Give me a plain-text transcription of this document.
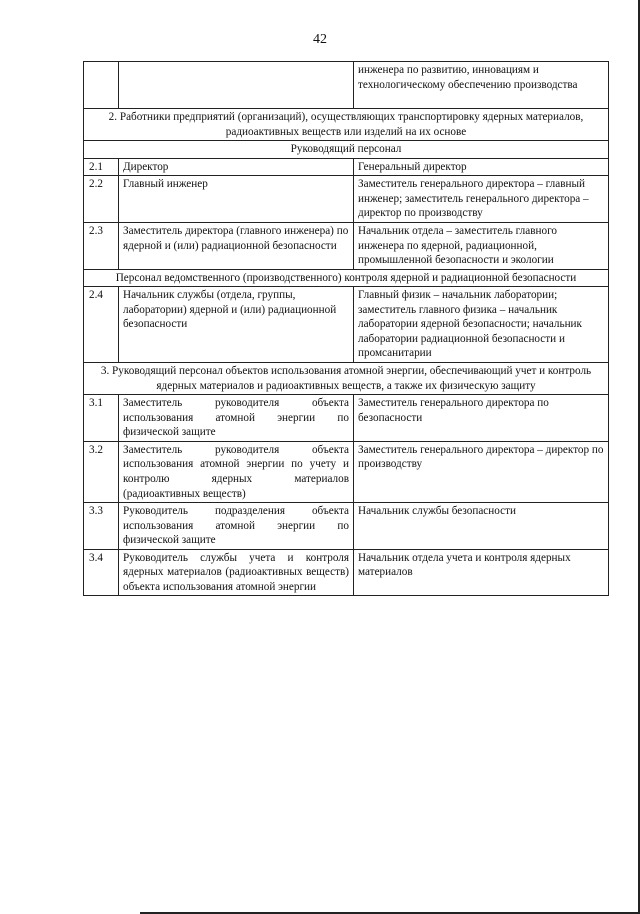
42
		инженера по развитию, инновациям и технологическому обеспечению производства
2. Работники предприятий (организаций), осуществляющих транспортировку ядерных материалов, радиоактивных веществ или изделий на их основе		
Руководящий персонал		
2.1	Директор	Генеральный директор
2.2	Главный инженер	Заместитель генерального директора – главный инженер; заместитель генерального директора – директор по производству
2.3	Заместитель директора (главного инженера) по ядерной и (или) радиационной безопасности	Начальник отдела – заместитель главного инженера по ядерной, радиационной, промышленной безопасности и экологии
Персонал ведомственного (производственного) контроля ядерной и радиационной безопасности		
2.4	Начальник службы (отдела, группы, лаборатории) ядерной и (или) радиационной безопасности	Главный физик – начальник лаборатории; заместитель главного физика – начальник лаборатории ядерной безопасности; начальник лаборатории радиационной безопасности и промсанитарии
3. Руководящий персонал объектов использования атомной энергии, обеспечивающий учет и контроль ядерных материалов и радиоактивных веществ, а также их физическую защиту		
3.1	Заместитель руководителя объекта использования атомной энергии по физической защите	Заместитель генерального директора по безопасности
3.2	Заместитель руководителя объекта использования атомной энергии по учету и контролю ядерных материалов (радиоактивных веществ)	Заместитель генерального директора – директор по производству
3.3	Руководитель подразделения объекта использования атомной энергии по физической защите	Начальник службы безопасности
3.4	Руководитель службы учета и контроля ядерных материалов (радиоактивных веществ) объекта использования атомной энергии	Начальник отдела учета и контроля ядерных материалов
